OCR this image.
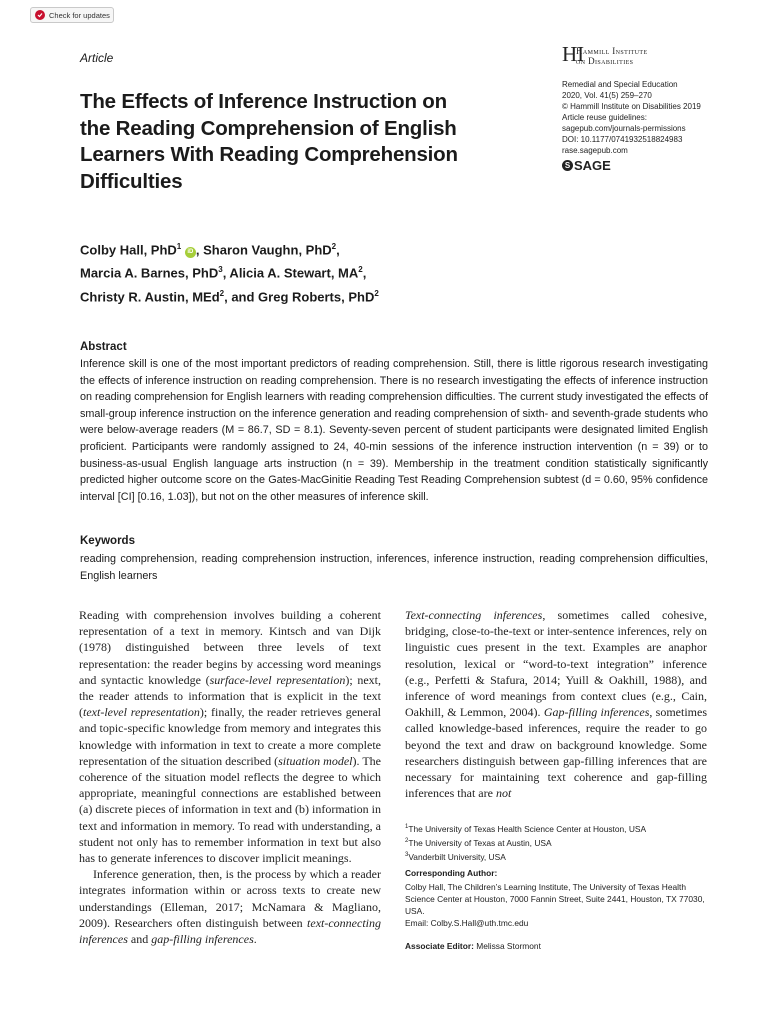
Check for updates
Article	HI
Hammill Institute
on Disabilities
Remedial and Special Education
2020, Vol. 41(5) 259–270
© Hammill Institute on Disabilities 2019
Article reuse guidelines:
sagepub.com/journals-permissions
DOI: 10.1177/0741932518824983
rase.sagepub.com
S SAGE
The Effects of Inference Instruction on the Reading Comprehension of English Learners With Reading Comprehension Difficulties
Colby Hall, PhD$^1$ iD , Sharon Vaughn, PhD$^2$,
Marcia A. Barnes, PhD$^3$, Alicia A. Stewart, $MA^2$,
Christy R. Austin, MEd$^2$, and Greg Roberts, PhD$^2$
Abstract
Inference skill is one of the most important predictors of reading comprehension. Still, there is little rigorous research investigating the effects of inference instruction on reading comprehension. There is no research investigating the effects of inference instruction on reading comprehension for English learners with reading comprehension difficulties. The current study investigated the effects of small-group inference instruction on the inference generation and reading comprehension of sixth- and seventh-grade students who were below-average readers (M = 86.7, SD = 8.1). Seventy-seven percent of student participants were designated limited English proficient. Participants were randomly assigned to 24, 40-min sessions of the inference instruction intervention (n = 39) or to business-as-usual English language arts instruction (n = 39). Membership in the treatment condition statistically significantly predicted higher outcome score on the Gates-MacGinitie Reading Test Reading Comprehension subtest (d = 0.60, 95% confidence interval [CI] [0.16, 1.03]), but not on the other measures of inference skill.
Keywords
reading comprehension, reading comprehension instruction, inferences, inference instruction, reading comprehension difficulties, English learners

Reading with comprehension involves building a coherent representation of a text in memory. Kintsch and van Dijk (1978) distinguished between three levels of text representation: the reader begins by accessing word meanings and syntactic knowledge (surface-level representation); next, the reader attends to information that is explicit in the text (text-level representation); finally, the reader retrieves general and topic-specific knowledge from memory and integrates this knowledge with information in text to create a more complete representation of the situation described (situation model). The coherence of the situation model reflects the degree to which appropriate, meaningful connections are established between (a) discrete pieces of information in text and (b) information in text and information in memory. To read with understanding, a student not only has to remember information in text but also has to generate inferences to discover implicit meanings.

Inference generation, then, is the process by which a reader integrates information within or across texts to create new understandings (Elleman, 2017; McNamara & Magliano, 2009). Researchers often distinguish between text-connecting inferences and gap-filling inferences.

Text-connecting inferences, sometimes called cohesive, bridging, close-to-the-text or inter-sentence inferences, rely on linguistic cues present in the text. Examples are anaphor resolution, lexical or “word-to-text integration” inference (e.g., Perfetti & Stafura, 2014; Yuill & Oakhill, 1988), and inference of word meanings from context clues (e.g., Cain, Oakhill, & Lemmon, 2004). Gap-filling inferences, sometimes called knowledge-based inferences, require the reader to go beyond the text and draw on background knowledge. Some researchers distinguish between gap-filling inferences that are necessary for maintaining text coherence and gap-filling inferences that are not

$^1$The University of Texas Health Science Center at Houston, USA
$^2$The University of Texas at Austin, USA
$^3$Vanderbilt University, USA
Corresponding Author:
Colby Hall, The Children’s Learning Institute, The University of Texas Health Science Center at Houston, 7000 Fannin Street, Suite 2441, Houston, TX 77030, USA.
Email: Colby.S.Hall@uth.tmc.edu
Associate Editor: Melissa Stormont
